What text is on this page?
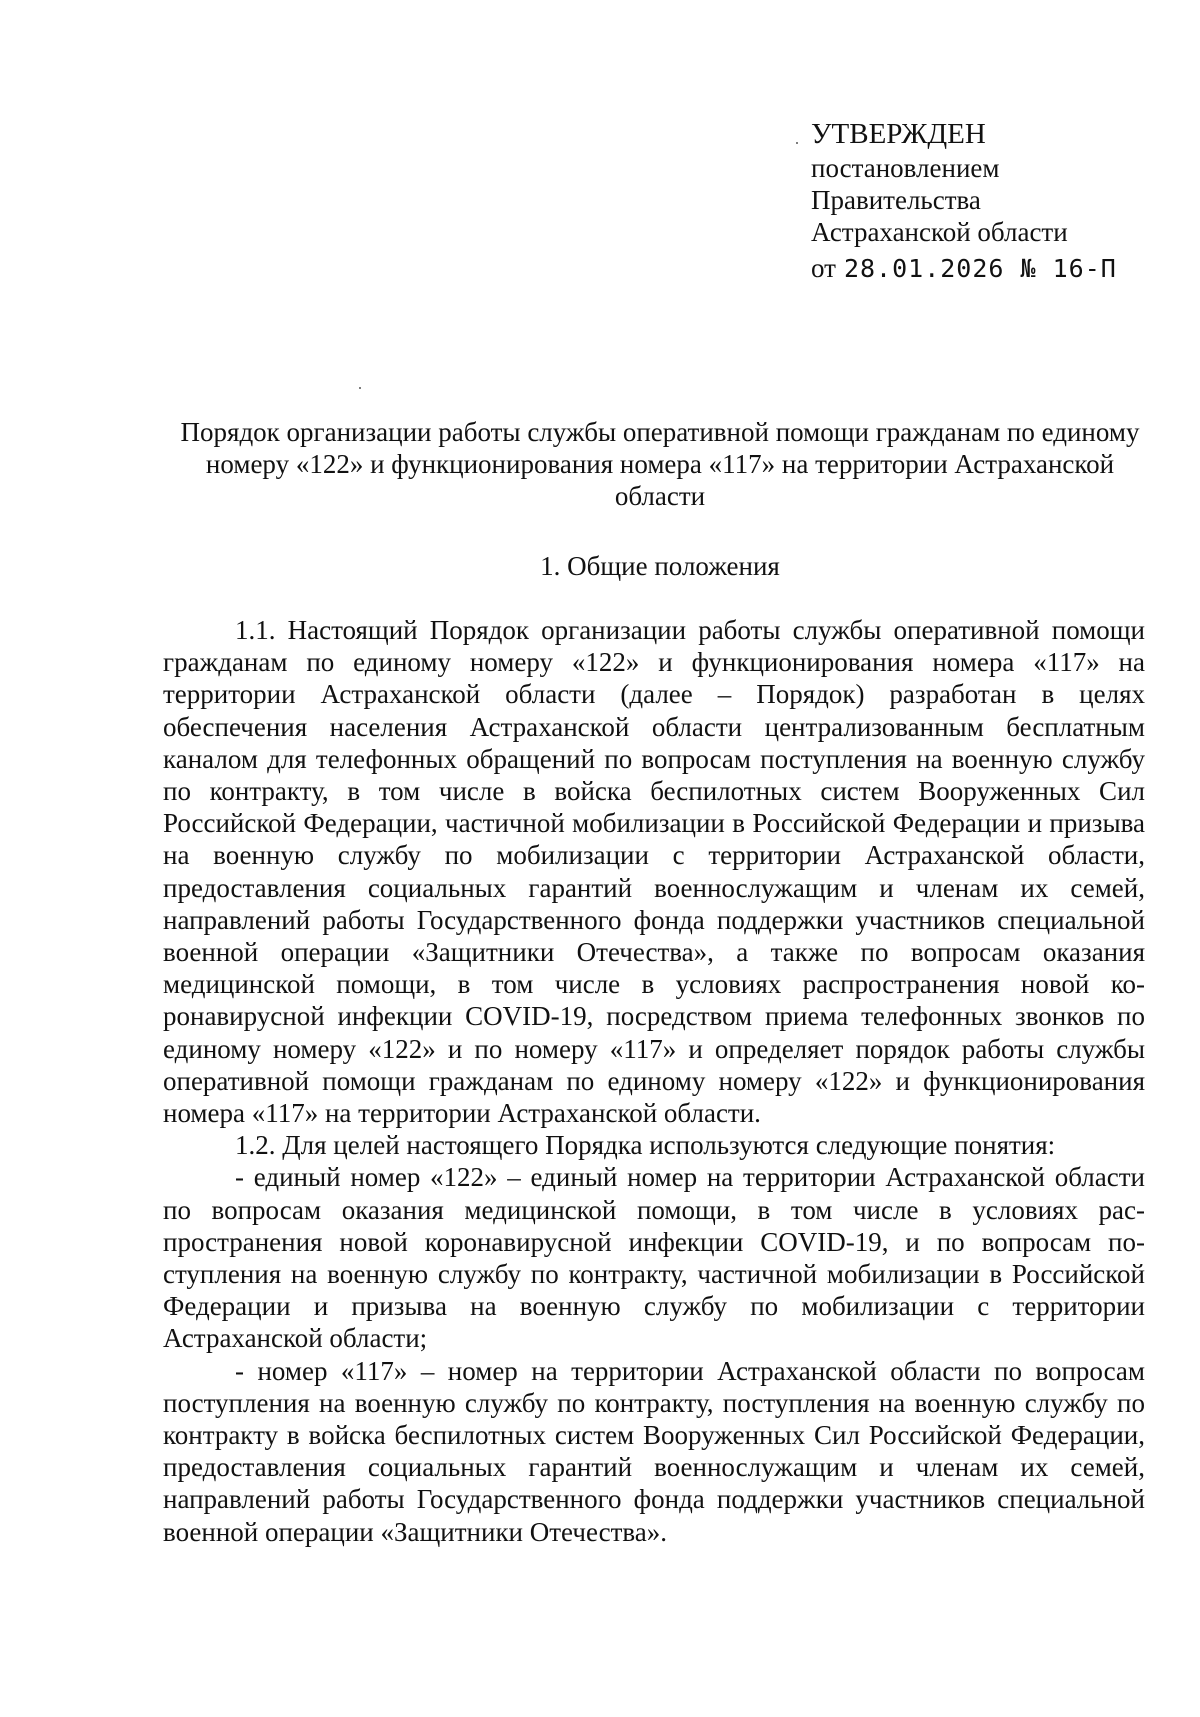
УТВЕРЖДЕН
постановлением
Правительства
Астраханской области
от 28.01.2026 № 16-П
Порядок организации работы службы оперативной помощи гражданам по единому номеру «122» и функционирования номера «117» на территории Астраханской области
1. Общие положения

1.1. Настоящий Порядок организации работы службы оперативной помощи гражданам по единому номеру «122» и функционирования номера «117» на территории Астраханской области (далее – Порядок) разработан в целях обеспечения населения Астраханской области централизованным бесплатным каналом для телефонных обращений по вопросам поступления на военную службу по контракту, в том числе в войска беспилотных систем Вооруженных Сил Российской Федерации, частичной мобилизации в Российской Федерации и призыва на военную службу по мобилизации с территории Астраханской области, предоставления социальных гарантий военнослужащим и членам их семей, направлений работы Государственного фонда поддержки участников специальной военной операции «Защитники Отечества», а также по вопросам оказания медицинской помощи, в том числе в условиях распространения новой коронавирусной инфекции COVID-19, посредством приема телефонных звонков по единому номеру «122» и по номеру «117» и определяет порядок работы службы оперативной помощи гражданам по единому номеру «122» и функционирования номера «117» на территории Астраханской области.

1.2. Для целей настоящего Порядка используются следующие понятия:

- единый номер «122» – единый номер на территории Астраханской области по вопросам оказания медицинской помощи, в том числе в условиях распространения новой коронавирусной инфекции COVID-19, и по вопросам поступления на военную службу по контракту, частичной мобилизации в Российской Федерации и призыва на военную службу по мобилизации с территории Астраханской области;

- номер «117» – номер на территории Астраханской области по вопросам поступления на военную службу по контракту, поступления на военную службу по контракту в войска беспилотных систем Вооруженных Сил Российской Федерации, предоставления социальных гарантий военнослужащим и членам их семей, направлений работы Государственного фонда поддержки участников специальной военной операции «Защитники Отечества».
